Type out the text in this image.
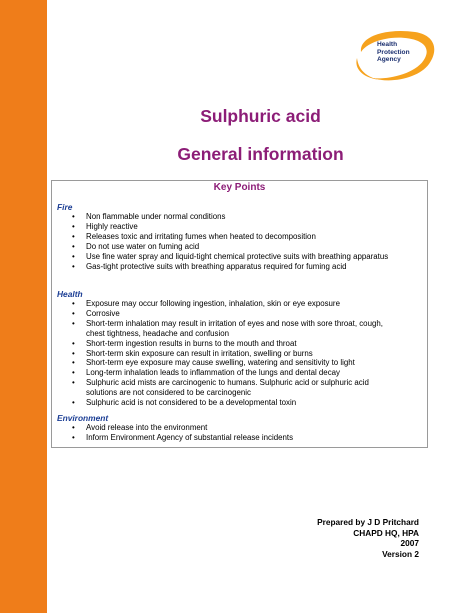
Health
Protection
Agency
Sulphuric acid
General information
Key Points
Fire
• Non flammable under normal conditions
• Highly reactive
• Releases toxic and irritating fumes when heated to decomposition
• Do not use water on fuming acid
• Use fine water spray and liquid-tight chemical protective suits with breathing apparatus
• Gas-tight protective suits with breathing apparatus required for fuming acid
Health
• Exposure may occur following ingestion, inhalation, skin or eye exposure
• Corrosive
• Short-term inhalation may result in irritation of eyes and nose with sore throat, cough, chest tightness, headache and confusion
• Short-term ingestion results in burns to the mouth and throat
• Short-term skin exposure can result in irritation, swelling or burns
• Short-term eye exposure may cause swelling, watering and sensitivity to light
• Long-term inhalation leads to inflammation of the lungs and dental decay
• Sulphuric acid mists are carcinogenic to humans. Sulphuric acid or sulphuric acid solutions are not considered to be carcinogenic
• Sulphuric acid is not considered to be a developmental toxin
Environment
• Avoid release into the environment
• Inform Environment Agency of substantial release incidents
Prepared by J D Pritchard
CHAPD HQ, HPA
2007
Version 2
